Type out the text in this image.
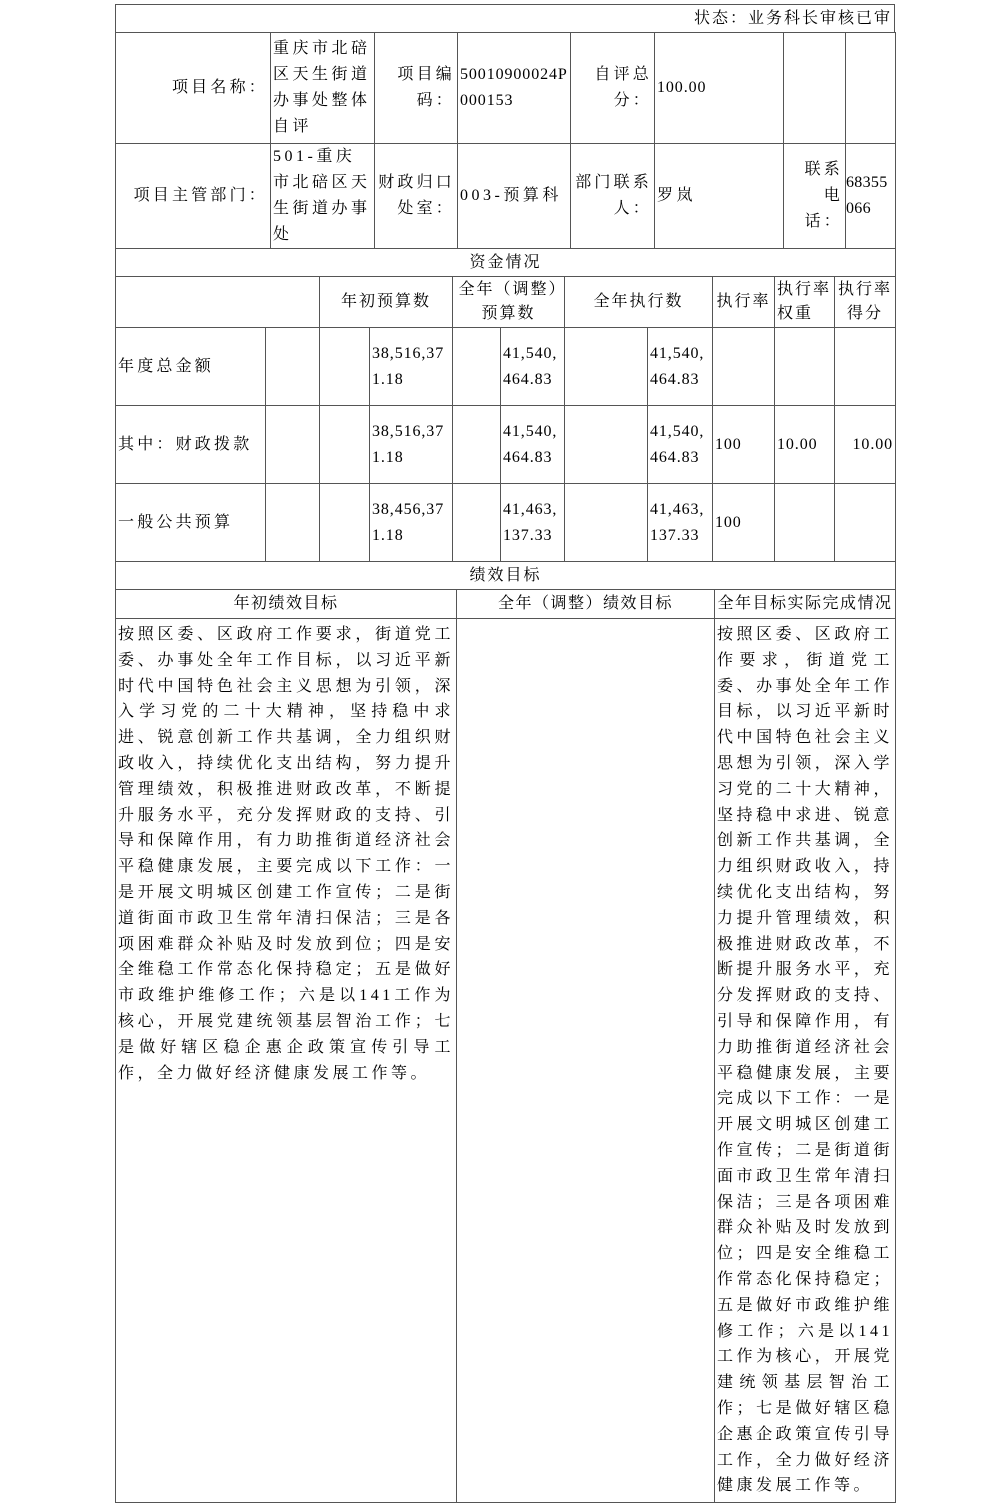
状态：业务科长审核已审
项目名称：	重庆市北碚区天生街道办事处整体自评	项目编码：	50010900024P000153	自评总分：	100.00		
项目主管部门：	501-重庆市北碚区天生街道办事处	财政归口处室：	003-预算科	部门联系人：	罗岚	联系电话：	68355066
资金情况										
		年初预算数		全年（调整）预算数		全年执行数		执行率	执行率权重	执行率得分
年度总金额			38,516,371.18		41,540,464.83		41,540,464.83			
其中：财政拨款			38,516,371.18		41,540,464.83		41,540,464.83	100	10.00	10.00
一般公共预算			38,456,371.18		41,463,137.33		41,463,137.33	100		
绩效目标		
年初绩效目标	全年（调整）绩效目标	全年目标实际完成情况
按照区委、区政府工作要求，街道党工委、办事处全年工作目标，以习近平新时代中国特色社会主义思想为引领，深入学习党的二十大精神，坚持稳中求进、锐意创新工作共基调，全力组织财政收入，持续优化支出结构，努力提升管理绩效，积极推进财政改革，不断提升服务水平，充分发挥财政的支持、引导和保障作用，有力助推街道经济社会平稳健康发展，主要完成以下工作：一是开展文明城区创建工作宣传；二是街道街面市政卫生常年清扫保洁；三是各项困难群众补贴及时发放到位；四是安全维稳工作常态化保持稳定；五是做好市政维护维修工作；六是以141工作为核心，开展党建统领基层智治工作；七是做好辖区稳企惠企政策宣传引导工作，全力做好经济健康发展工作等。		按照区委、区政府工作要求，街道党工委、办事处全年工作目标，以习近平新时代中国特色社会主义思想为引领，深入学习党的二十大精神，坚持稳中求进、锐意创新工作共基调，全力组织财政收入，持续优化支出结构，努力提升管理绩效，积极推进财政改革，不断提升服务水平，充分发挥财政的支持、引导和保障作用，有力助推街道经济社会平稳健康发展，主要完成以下工作：一是开展文明城区创建工作宣传；二是街道街面市政卫生常年清扫保洁；三是各项困难群众补贴及时发放到位；四是安全维稳工作常态化保持稳定；五是做好市政维护维修工作；六是以141工作为核心，开展党建统领基层智治工作；七是做好辖区稳企惠企政策宣传引导工作，全力做好经济健康发展工作等。
